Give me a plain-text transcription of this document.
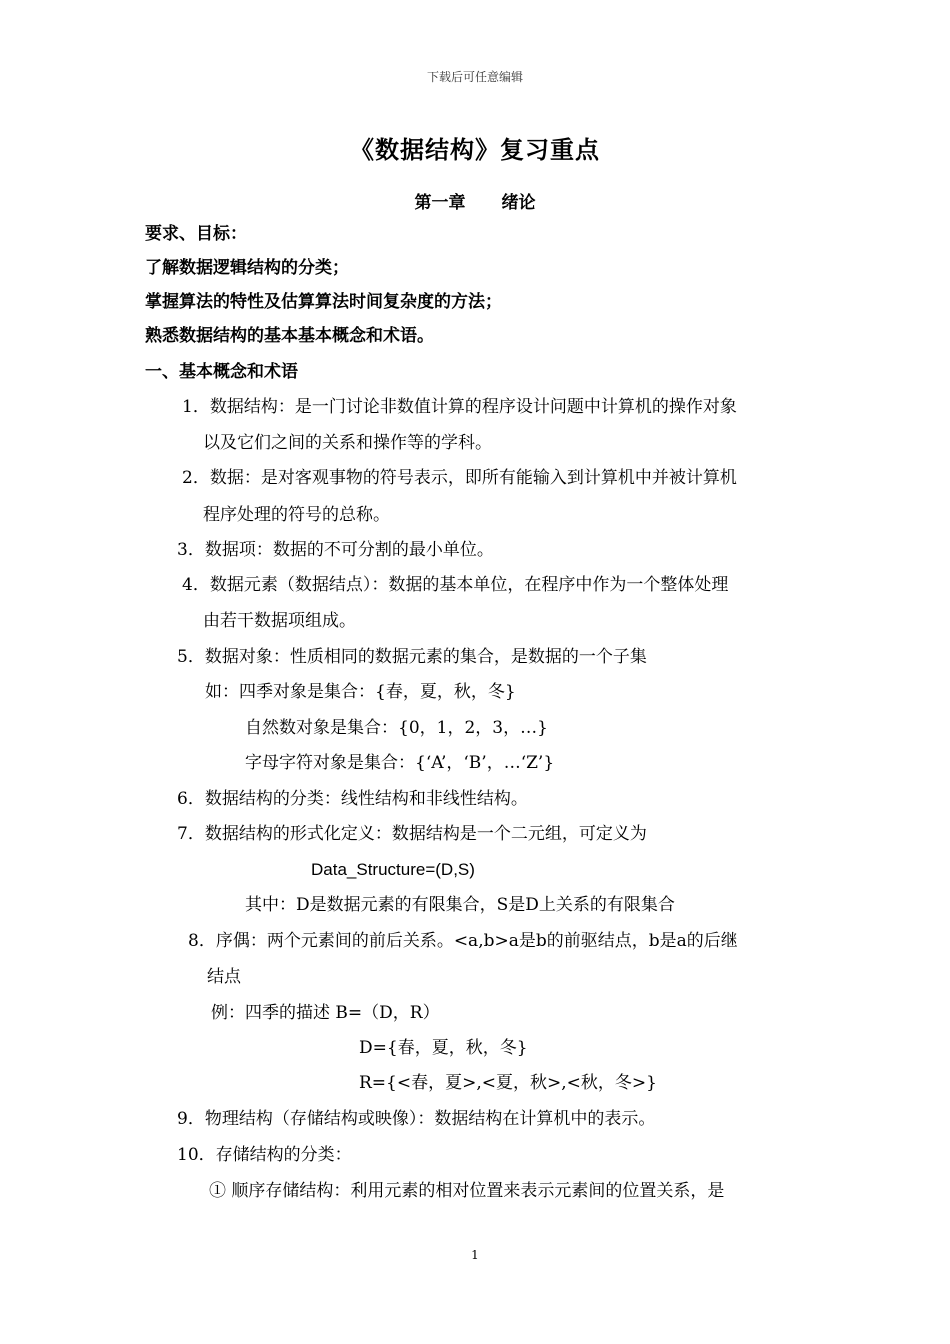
下载后可任意编辑
《数据结构》复习重点
第一章 绪论
要求、目标：
了解数据逻辑结构的分类；
掌握算法的特性及估算算法时间复杂度的方法；
熟悉数据结构的基本基本概念和术语。
一、基本概念和术语
1．数据结构：是一门讨论非数值计算的程序设计问题中计算机的操作对象
以及它们之间的关系和操作等的学科。
2．数据：是对客观事物的符号表示，即所有能输入到计算机中并被计算机
程序处理的符号的总称。
3．数据项：数据的不可分割的最小单位。
4．数据元素（数据结点）：数据的基本单位，在程序中作为一个整体处理
由若干数据项组成。
5．数据对象：性质相同的数据元素的集合，是数据的一个子集
如：四季对象是集合：{春，夏，秋，冬}
自然数对象是集合：{0，1，2，3，…}
字母字符对象是集合：{‘A’，‘B’，…‘Z’}
6．数据结构的分类：线性结构和非线性结构。
7．数据结构的形式化定义：数据结构是一个二元组，可定义为
Data_Structure=(D,S)
其中：D是数据元素的有限集合，S是D上关系的有限集合
8．序偶：两个元素间的前后关系。<a,b>a是b的前驱结点，b是a的后继
结点
例：四季的描述 B=（D，R）
D={春，夏，秋，冬}
R={<春，夏>,<夏，秋>,<秋，冬>}
9．物理结构（存储结构或映像）：数据结构在计算机中的表示。
10．存储结构的分类：
① 顺序存储结构：利用元素的相对位置来表示元素间的位置关系，是
1
